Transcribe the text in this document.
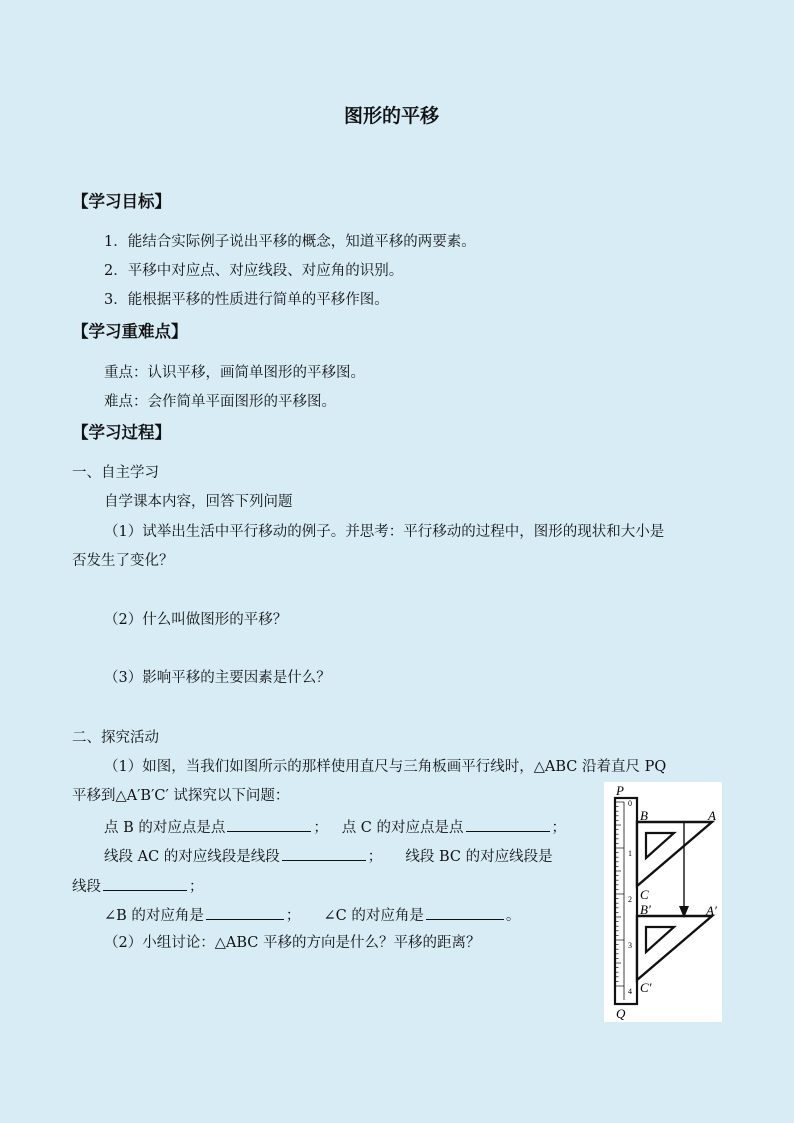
图形的平移
【学习目标】
1．能结合实际例子说出平移的概念，知道平移的两要素。
2．平移中对应点、对应线段、对应角的识别。
3．能根据平移的性质进行简单的平移作图。
【学习重难点】
重点：认识平移，画简单图形的平移图。
难点：会作简单平面图形的平移图。
【学习过程】
一、自主学习
自学课本内容，回答下列问题
（1）试举出生活中平行移动的例子。并思考：平行移动的过程中，图形的现状和大小是
否发生了变化？
（2）什么叫做图形的平移？
（3）影响平移的主要因素是什么？
二、探究活动
（1）如图，当我们如图所示的那样使用直尺与三角板画平行线时，△ABC 沿着直尺 PQ
平移到△A′B′C′ 试探究以下问题：
点 B 的对应点是点	； 点 C 的对应点是点	；
线段 AC 的对应线段是线段	； 线段 BC 的对应线段是
线段	；
∠B 的对应角是	； ∠C 的对应角是	。
（2）小组讨论：△ABC 平移的方向是什么？平移的距离？
0
1
2
3
4
P
Q
B	A
C
B′	A′
C′
